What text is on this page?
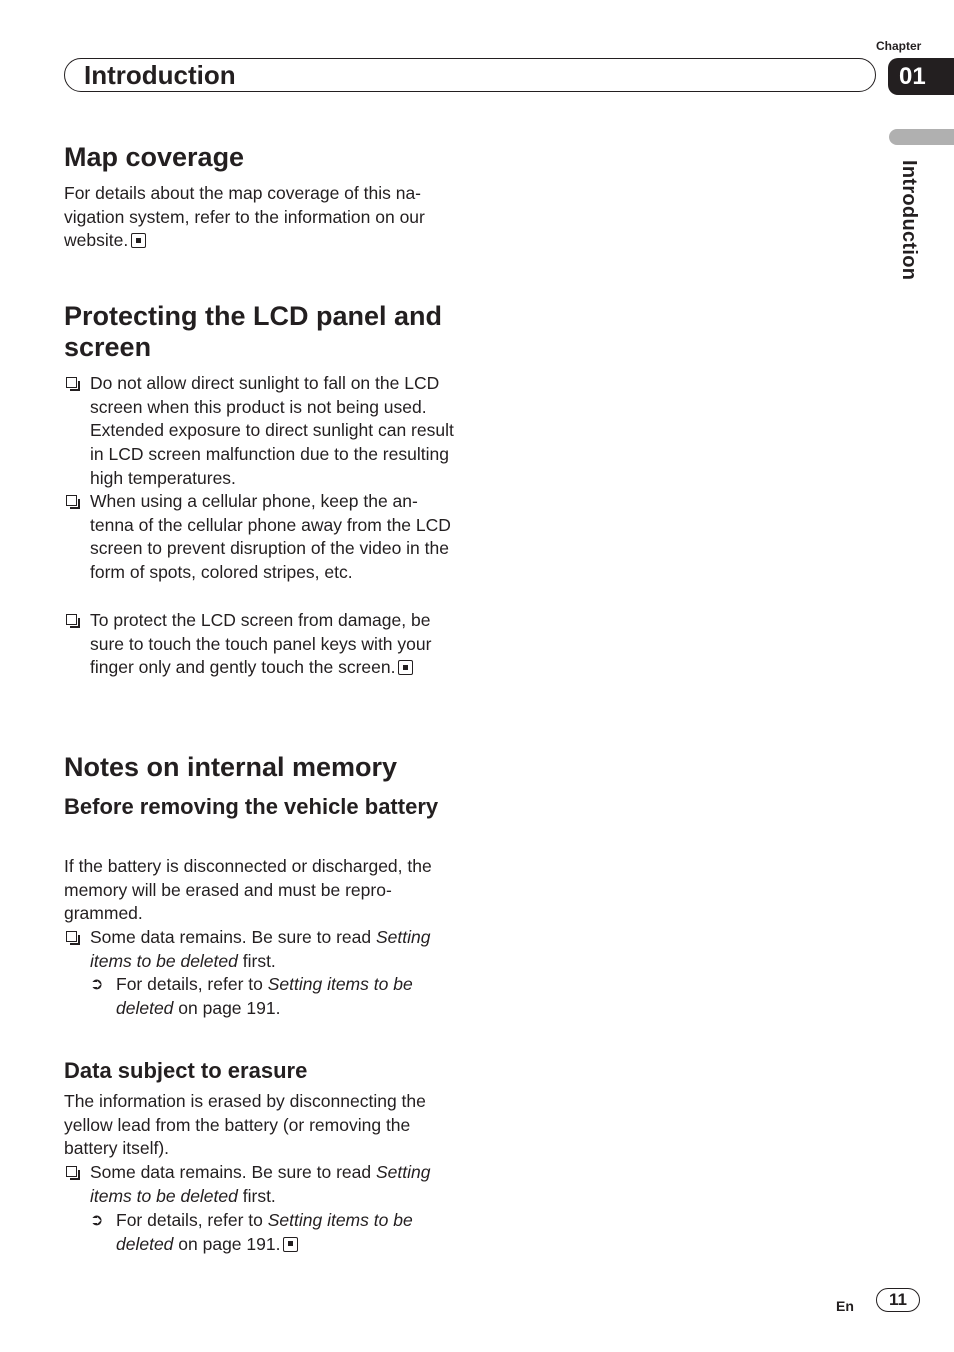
Chapter
01
Introduction
Introduction
Map coverage

For details about the map coverage of this na-vigation system, refer to the information on our website.

Protecting the LCD panel and screen
Do not allow direct sunlight to fall on the LCD screen when this product is not being used. Extended exposure to direct sunlight can result in LCD screen malfunction due to the resulting high temperatures.
When using a cellular phone, keep the an-tenna of the cellular phone away from the LCD screen to prevent disruption of the video in the form of spots, colored stripes, etc.
To protect the LCD screen from damage, be sure to touch the touch panel keys with your finger only and gently touch the screen.
Notes on internal memory
Before removing the vehicle battery

If the battery is disconnected or discharged, the memory will be erased and must be repro-grammed.

Some data remains. Be sure to read Setting items to be deleted first.
➲ For details, refer to Setting items to be deleted on page 191.
Data subject to erasure

The information is erased by disconnecting the yellow lead from the battery (or removing the battery itself).

Some data remains. Be sure to read Setting items to be deleted first.
➲ For details, refer to Setting items to be deleted on page 191.
En	11
